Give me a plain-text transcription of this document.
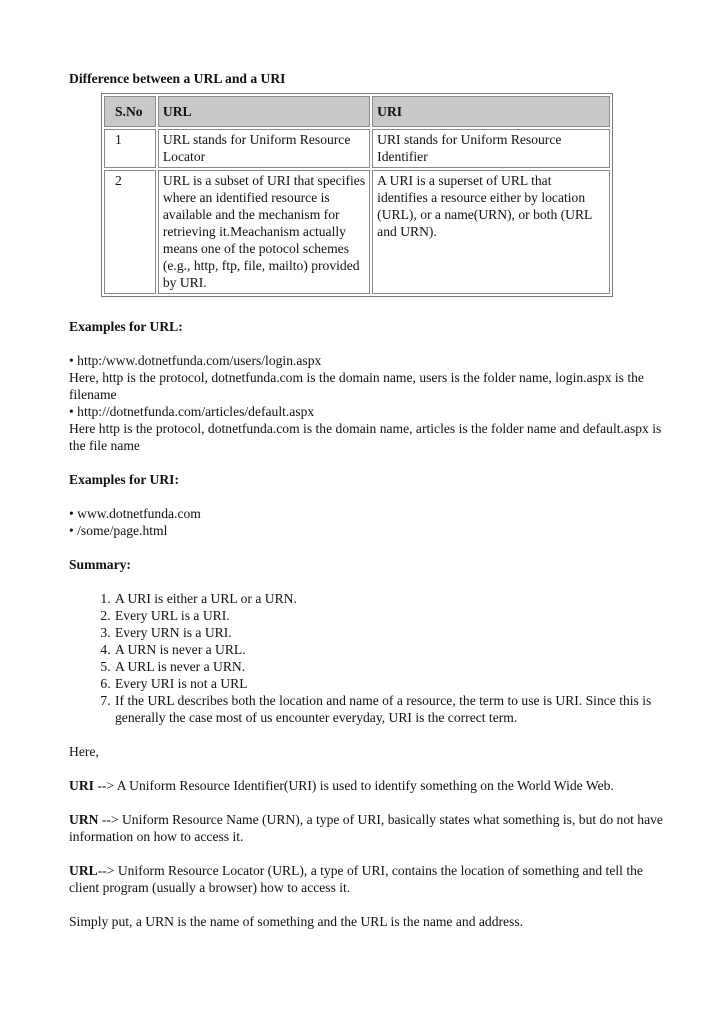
Difference between a URL and a URI

S.No	URL	URI
1	URL stands for Uniform Resource Locator	URI stands for Uniform Resource Identifier
2	URL is a subset of URI that specifies where an identified resource is available and the mechanism for retrieving it.Meachanism actually means one of the potocol schemes (e.g., http, ftp, file, mailto) provided by URI.	A URI is a superset of URL that identifies a resource either by location (URL), or a name(URN), or both (URL and URN).

Examples for URL:

• http:/www.dotnetfunda.com/users/login.aspx
Here, http is the protocol, dotnetfunda.com is the domain name, users is the folder name, login.aspx is the filename
• http://dotnetfunda.com/articles/default.aspx
Here http is the protocol, dotnetfunda.com is the domain name, articles is the folder name and default.aspx is the file name

Examples for URI:

• www.dotnetfunda.com
• /some/page.html

Summary:

1. A URI is either a URL or a URN.
2. Every URL is a URI.
3. Every URN is a URI.
4. A URN is never a URL.
5. A URL is never a URN.
6. Every URI is not a URL
7. If the URL describes both the location and name of a resource, the term to use is URI. Since this is generally the case most of us encounter everyday, URI is the correct term.

Here,

URI --> A Uniform Resource Identifier(URI) is used to identify something on the World Wide Web.

URN --> Uniform Resource Name (URN), a type of URI, basically states what something is, but do not have information on how to access it.

URL--> Uniform Resource Locator (URL), a type of URI, contains the location of something and tell the client program (usually a browser) how to access it.

Simply put, a URN is the name of something and the URL is the name and address.
